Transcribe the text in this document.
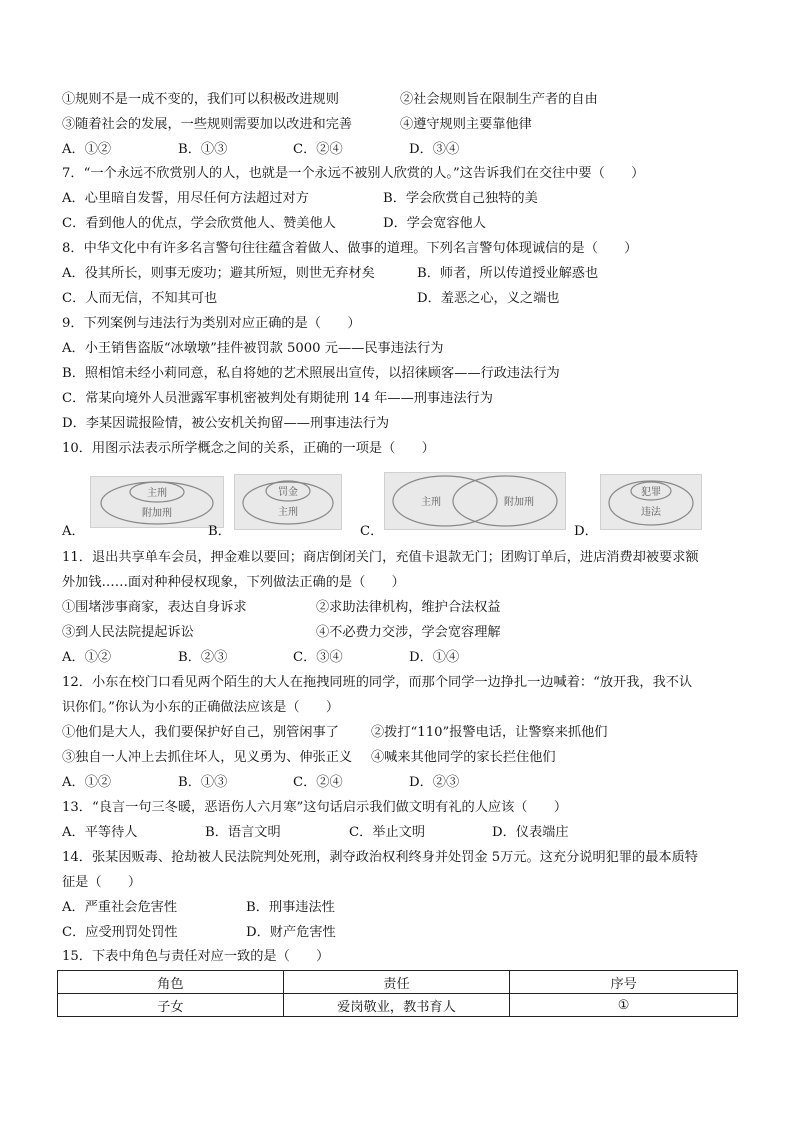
①规则不是一成不变的，我们可以积极改进规则	②社会规则旨在限制生产者的自由
③随着社会的发展，一些规则需要加以改进和完善	④遵守规则主要靠他律
A．①②	B．①③	C．②④	D．③④
7．“一个永远不欣赏别人的人，也就是一个永远不被别人欣赏的人。”这告诉我们在交往中要（　　）
A．心里暗自发誓，用尽任何方法超过对方	B．学会欣赏自己独特的美
C．看到他人的优点，学会欣赏他人、赞美他人	D．学会宽容他人
8．中华文化中有许多名言警句往往蕴含着做人、做事的道理。下列名言警句体现诚信的是（　　）
A．役其所长，则事无废功；避其所短，则世无弃材矣	B．师者，所以传道授业解惑也
C．人而无信，不知其可也	D．羞恶之心，义之端也
9．下列案例与违法行为类别对应正确的是（　　）
A．小王销售盗版“冰墩墩”挂件被罚款 5000 元——民事违法行为
B．照相馆未经小莉同意，私自将她的艺术照展出宣传，以招徕顾客——行政违法行为
C．常某向境外人员泄露军事机密被判处有期徒刑 14 年——刑事违法行为
D．李某因谎报险情，被公安机关拘留——刑事违法行为
10．用图示法表示所学概念之间的关系，正确的一项是（　　）
A．
主刑
附加刑
B．
罚金
主刑
C．
主刑	附加刑
D．
犯罪
违法
11．退出共享单车会员，押金难以要回；商店倒闭关门，充值卡退款无门；团购订单后，进店消费却被要求额
外加钱……面对种种侵权现象，下列做法正确的是（　　）
①围堵涉事商家，表达自身诉求	②求助法律机构，维护合法权益
③到人民法院提起诉讼	④不必费力交涉，学会宽容理解
A．①②	B．②③	C．③④	D．①④
12．小东在校门口看见两个陌生的大人在拖拽同班的同学，而那个同学一边挣扎一边喊着：“放开我，我不认
识你们。”你认为小东的正确做法应该是（　　）
①他们是大人，我们要保护好自己，别管闲事了 ②拨打“110”报警电话，让警察来抓他们
③独自一人冲上去抓住坏人，见义勇为、伸张正义 ④喊来其他同学的家长拦住他们
A．①②	B．①③	C．②④	D．②③
13．“良言一句三冬暖，恶语伤人六月寒”这句话启示我们做文明有礼的人应该（　　）
A．平等待人	B．语言文明	C．举止文明	D．仪表端庄
14．张某因贩毒、抢劫被人民法院判处死刑，剥夺政治权利终身并处罚金 5万元。这充分说明犯罪的最本质特
征是（　　）
A．严重社会危害性	B．刑事违法性
C．应受刑罚处罚性	D．财产危害性
15．下表中角色与责任对应一致的是（　　）
角色	责任	序号
子女	爱岗敬业，教书育人	①
